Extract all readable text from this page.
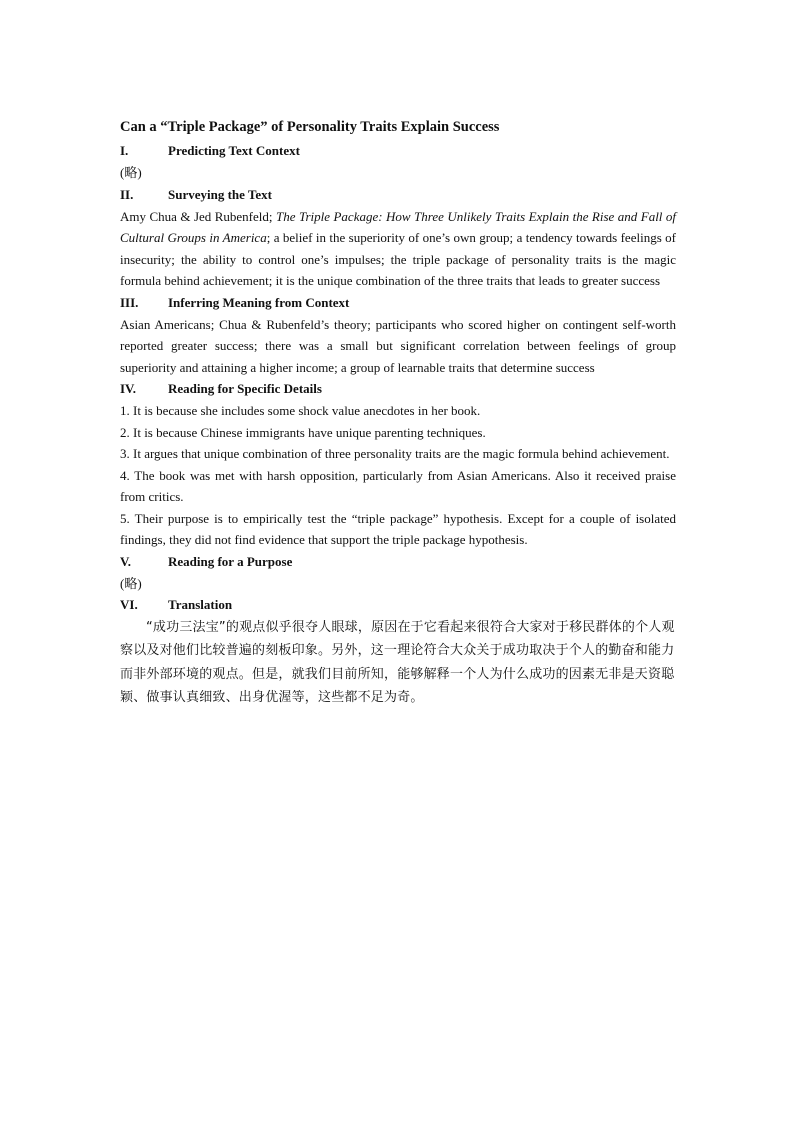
Can a “Triple Package” of Personality Traits Explain Success
I.	Predicting Text Context
(略)
II.	Surveying the Text

Amy Chua & Jed Rubenfeld; The Triple Package: How Three Unlikely Traits Explain the Rise and Fall of Cultural Groups in America; a belief in the superiority of one’s own group; a tendency towards feelings of insecurity; the ability to control one’s impulses; the triple package of personality traits is the magic formula behind achievement; it is the unique combination of the three traits that leads to greater success

III.	Inferring Meaning from Context

Asian Americans; Chua & Rubenfeld’s theory; participants who scored higher on contingent self-worth reported greater success; there was a small but significant correlation between feelings of group superiority and attaining a higher income; a group of learnable traits that determine success

IV.	Reading for Specific Details

1. It is because she includes some shock value anecdotes in her book.

2. It is because Chinese immigrants have unique parenting techniques.

3. It argues that unique combination of three personality traits are the magic formula behind achievement.

4. The book was met with harsh opposition, particularly from Asian Americans. Also it received praise from critics.

5. Their purpose is to empirically test the “triple package” hypothesis. Except for a couple of isolated findings, they did not find evidence that support the triple package hypothesis.

V.	Reading for a Purpose
(略)
VI.	Translation

“成功三法宝”的观点似乎很夺人眼球，原因在于它看起来很符合大家对于移民群体的个人观察以及对他们比较普遍的刻板印象。另外，这一理论符合大众关于成功取决于个人的勤奋和能力而非外部环境的观点。但是，就我们目前所知，能够解释一个人为什么成功的因素无非是天资聪颖、做事认真细致、出身优渥等，这些都不足为奇。
